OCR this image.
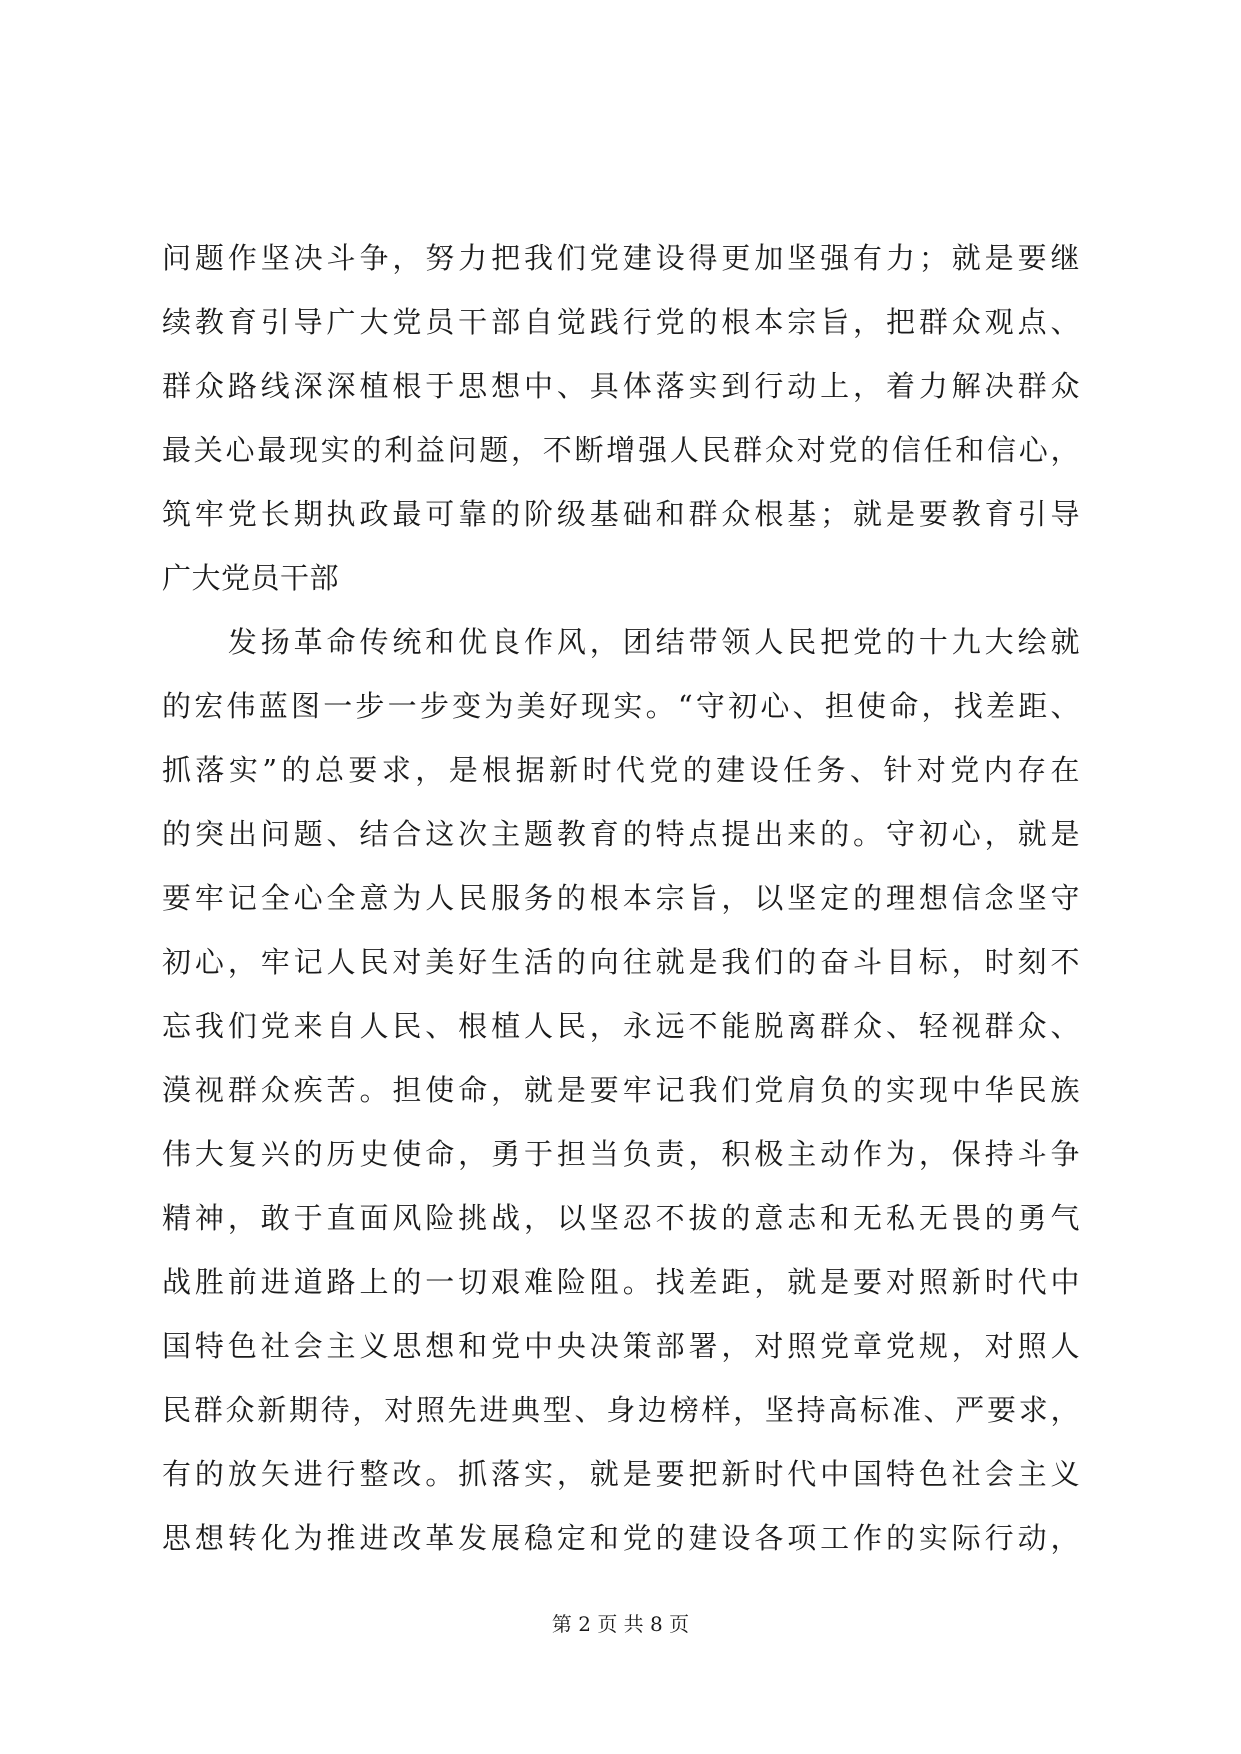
问题作坚决斗争，努力把我们党建设得更加坚强有力；就是要继
续教育引导广大党员干部自觉践行党的根本宗旨，把群众观点、
群众路线深深植根于思想中、具体落实到行动上，着力解决群众
最关心最现实的利益问题，不断增强人民群众对党的信任和信心，
筑牢党长期执政最可靠的阶级基础和群众根基；就是要教育引导
广大党员干部
　　发扬革命传统和优良作风，团结带领人民把党的十九大绘就
的宏伟蓝图一步一步变为美好现实。“守初心、担使命，找差距、
抓落实”的总要求，是根据新时代党的建设任务、针对党内存在
的突出问题、结合这次主题教育的特点提出来的。守初心，就是
要牢记全心全意为人民服务的根本宗旨，以坚定的理想信念坚守
初心，牢记人民对美好生活的向往就是我们的奋斗目标，时刻不
忘我们党来自人民、根植人民，永远不能脱离群众、轻视群众、
漠视群众疾苦。担使命，就是要牢记我们党肩负的实现中华民族
伟大复兴的历史使命，勇于担当负责，积极主动作为，保持斗争
精神，敢于直面风险挑战，以坚忍不拔的意志和无私无畏的勇气
战胜前进道路上的一切艰难险阻。找差距，就是要对照新时代中
国特色社会主义思想和党中央决策部署，对照党章党规，对照人
民群众新期待，对照先进典型、身边榜样，坚持高标准、严要求，
有的放矢进行整改。抓落实，就是要把新时代中国特色社会主义
思想转化为推进改革发展稳定和党的建设各项工作的实际行动，
第 2 页 共 8 页
